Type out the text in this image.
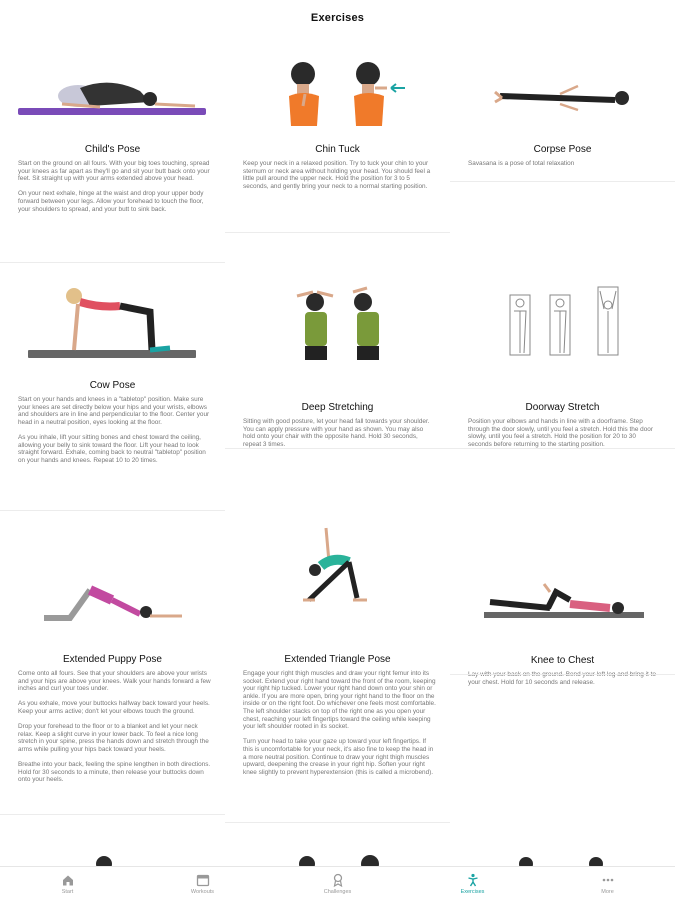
Exercises
Child's Pose
Start on the ground on all fours. With your big toes touching, spread your knees as far apart as they'll go and sit your butt back onto your feet. Sit straight up with your arms extended above your head.

On your next exhale, hinge at the waist and drop your upper body forward between your legs. Allow your forehead to touch the floor, your shoulders to spread, and your butt to sink back.
Chin Tuck
Keep your neck in a relaxed position. Try to tuck your chin to your sternum or neck area without holding your head. You should feel a little pull around the upper neck. Hold the position for 3 to 5 seconds, and gently bring your neck to a normal starting position.
Corpse Pose
Savasana is a pose of total relaxation
Cow Pose
Start on your hands and knees in a "tabletop" position. Make sure your knees are set directly below your hips and your wrists, elbows and shoulders are in line and perpendicular to the floor. Center your head in a neutral position, eyes looking at the floor.

As you inhale, lift your sitting bones and chest toward the ceiling, allowing your belly to sink toward the floor. Lift your head to look straight forward. Exhale, coming back to neutral "tabletop" position on your hands and knees. Repeat 10 to 20 times.
Deep Stretching
Sitting with good posture, let your head fall towards your shoulder. You can apply pressure with your hand as shown. You may also hold onto your chair with the opposite hand. Hold 30 seconds, repeat 3 times.
Doorway Stretch
Position your elbows and hands in line with a doorframe. Step through the door slowly, until you feel a stretch. Hold this the door slowly, until you feel a stretch. Hold the position for 20 to 30 seconds before returning to the starting position.
Extended Puppy Pose
Come onto all fours. See that your shoulders are above your wrists and your hips are above your knees. Walk your hands forward a few inches and curl your toes under.

As you exhale, move your buttocks halfway back toward your heels. Keep your arms active; don't let your elbows touch the ground.

Drop your forehead to the floor or to a blanket and let your neck relax. Keep a slight curve in your lower back. To feel a nice long stretch in your spine, press the hands down and stretch through the arms while pulling your hips back toward your heels.

Breathe into your back, feeling the spine lengthen in both directions. Hold for 30 seconds to a minute, then release your buttocks down onto your heels.
Extended Triangle Pose
Engage your right thigh muscles and draw your right femur into its socket. Extend your right hand toward the front of the room, keeping your right hip tucked. Lower your right hand down onto your shin or ankle. If you are more open, bring your right hand to the floor on the inside or on the right foot. Do whichever one feels most comfortable. The left shoulder stacks on top of the right one as you open your chest, reaching your left fingertips toward the ceiling while keeping your left shoulder rooted in its socket.

Turn your head to take your gaze up toward your left fingertips. If this is uncomfortable for your neck, it's also fine to keep the head in a more neutral position. Continue to draw your right thigh muscles upward, deepening the crease in your right hip. Soften your right knee slightly to prevent hyperextension (this is called a microbend).
Knee to Chest
your chest. Hold for 10 seconds and release.
Start	Workouts	Challenges	Exercises	More
